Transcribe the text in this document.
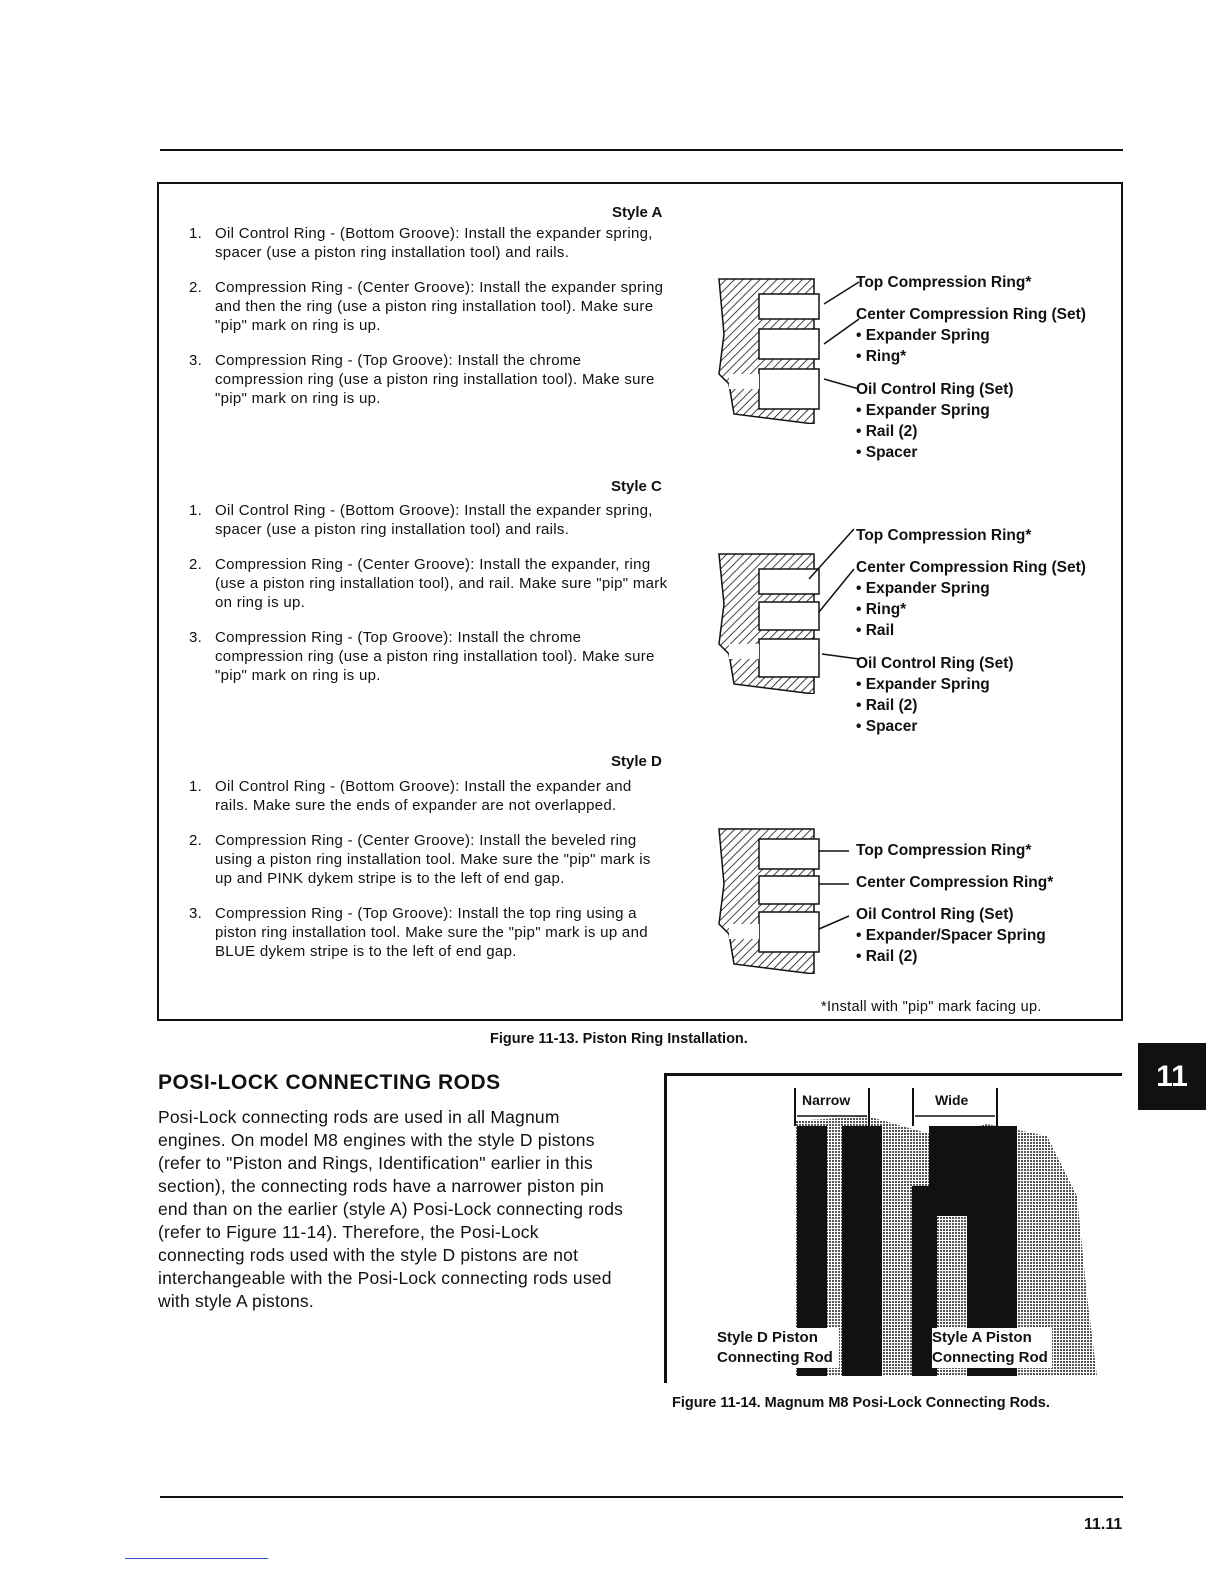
Style A
1. Oil Control Ring - (Bottom Groove): Install the expander spring, spacer (use a piston ring installation tool) and rails.
2. Compression Ring - (Center Groove): Install the expander spring and then the ring (use a piston ring installation tool). Make sure "pip" mark on ring is up.
3. Compression Ring - (Top Groove): Install the chrome compression ring (use a piston ring installation tool). Make sure "pip" mark on ring is up.
Top Compression Ring*
Center Compression Ring (Set)
• Expander Spring
• Ring*
Oil Control Ring (Set)
• Expander Spring
• Rail (2)
• Spacer
Style C
1. Oil Control Ring - (Bottom Groove): Install the expander spring, spacer (use a piston ring installation tool) and rails.
2. Compression Ring - (Center Groove): Install the expander, ring (use a piston ring installation tool), and rail. Make sure "pip" mark on ring is up.
3. Compression Ring - (Top Groove): Install the chrome compression ring (use a piston ring installation tool). Make sure "pip" mark on ring is up.
Top Compression Ring*
Center Compression Ring (Set)
• Expander Spring
• Ring*
• Rail
Oil Control Ring (Set)
• Expander Spring
• Rail (2)
• Spacer
Style D
1. Oil Control Ring - (Bottom Groove): Install the expander and rails. Make sure the ends of expander are not overlapped.
2. Compression Ring - (Center Groove): Install the beveled ring using a piston ring installation tool. Make sure the "pip" mark is up and PINK dykem stripe is to the left of end gap.
3. Compression Ring - (Top Groove): Install the top ring using a piston ring installation tool. Make sure the "pip" mark is up and BLUE dykem stripe is to the left of end gap.
Top Compression Ring*
Center Compression Ring*
Oil Control Ring (Set)
• Expander/Spacer Spring
• Rail (2)
*Install with "pip" mark facing up.
Figure 11-13. Piston Ring Installation.
POSI-LOCK CONNECTING RODS

Posi-Lock connecting rods are used in all Magnum engines. On model M8 engines with the style D pistons (refer to "Piston and Rings, Identification" earlier in this section), the connecting rods have a narrower piston pin end than on the earlier (style A) Posi-Lock connecting rods (refer to Figure 11-14). Therefore, the Posi-Lock connecting rods used with the style D pistons are not interchangeable with the Posi-Lock connecting rods used with style A pistons.

Narrow	Wide
Style D Piston
Connecting Rod
Style A Piston
Connecting Rod
Figure 11-14. Magnum M8 Posi-Lock Connecting Rods.
11
11.11
